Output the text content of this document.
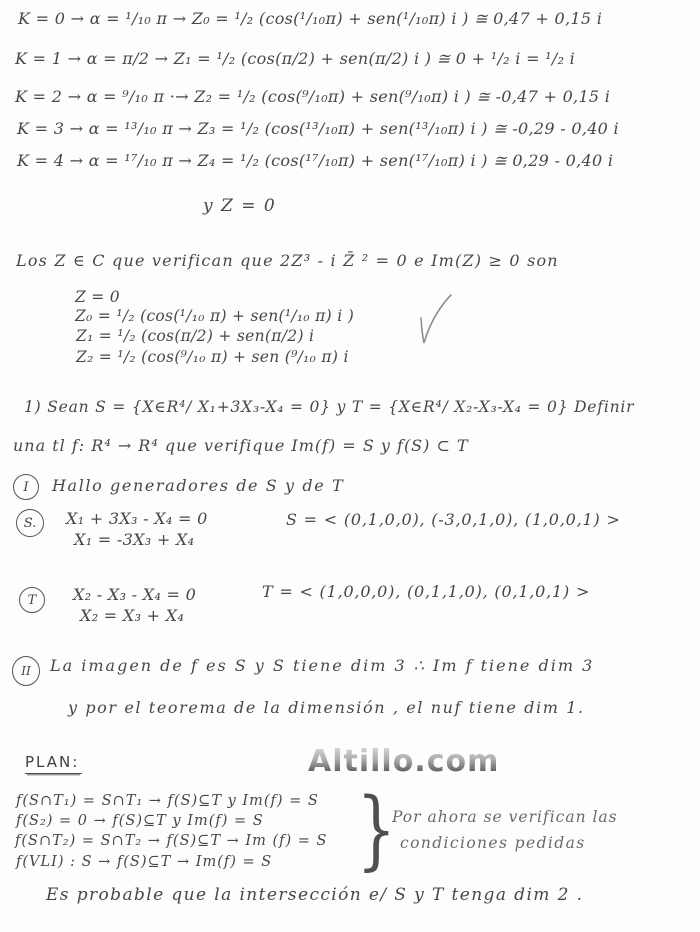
K = 0 → α = ¹/₁₀ π → Z₀ = ¹/₂ (cos(¹/₁₀π) + sen(¹/₁₀π) i ) ≅ 0,47 + 0,15 i
K = 1 → α = π/2 → Z₁ = ¹/₂ (cos(π/2) + sen(π/2) i ) ≅ 0 + ¹/₂ i = ¹/₂ i
K = 2 → α = ⁹/₁₀ π ·→ Z₂ = ¹/₂ (cos(⁹/₁₀π) + sen(⁹/₁₀π) i ) ≅ -0,47 + 0,15 i
K = 3 → α = ¹³/₁₀ π → Z₃ = ¹/₂ (cos(¹³/₁₀π) + sen(¹³/₁₀π) i ) ≅ -0,29 - 0,40 i
K = 4 → α = ¹⁷/₁₀ π → Z₄ = ¹/₂ (cos(¹⁷/₁₀π) + sen(¹⁷/₁₀π) i ) ≅ 0,29 - 0,40 i
y Z = 0
Los Z ∈ C que verifican que 2Z³ - i Z̄ ² = 0 e Im(Z) ≥ 0 son
Z = 0
Z₀ = ¹/₂ (cos(¹/₁₀ π) + sen(¹/₁₀ π) i )
Z₁ = ¹/₂ (cos(π/2) + sen(π/2) i
Z₂ = ¹/₂ (cos(⁹/₁₀ π) + sen (⁹/₁₀ π) i
1) Sean S = {X∈R⁴/ X₁+3X₃-X₄ = 0} y T = {X∈R⁴/ X₂-X₃-X₄ = 0} Definir
una tl f: R⁴ → R⁴ que verifique Im(f) = S y f(S) ⊂ T
I	Hallo generadores de S y de T
S.	X₁ + 3X₃ - X₄ = 0
X₁ = -3X₃ + X₄
S = < (0,1,0,0), (-3,0,1,0), (1,0,0,1) >
T	X₂ - X₃ - X₄ = 0
X₂ = X₃ + X₄
T = < (1,0,0,0), (0,1,1,0), (0,1,0,1) >
II	La imagen de f es S y S tiene dim 3 ∴ Im f tiene dim 3
y por el teorema de la dimensión , el nuf tiene dim 1.
PLAN:	Altillo.com
f(S∩T₁) = S∩T₁ → f(S)⊆T y Im(f) = S
f(S₂) = 0 → f(S)⊆T y Im(f) = S
f(S∩T₂) = S∩T₂ → f(S)⊆T → Im (f) = S
f(VLI) : S → f(S)⊆T → Im(f) = S }
Por ahora se verifican las
condiciones pedidas
Es probable que la intersección e/ S y T tenga dim 2 .
